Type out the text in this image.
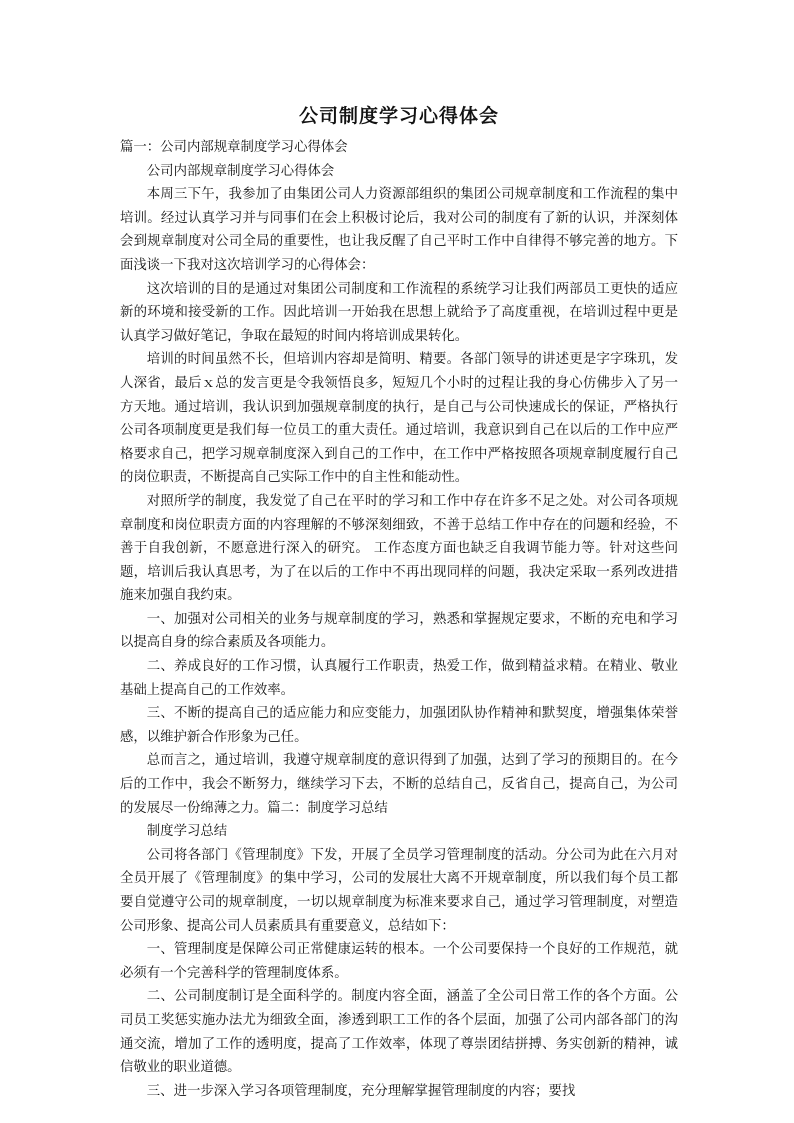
公司制度学习心得体会

篇一：公司内部规章制度学习心得体会

公司内部规章制度学习心得体会

本周三下午，我参加了由集团公司人力资源部组织的集团公司规章制度和工作流程的集中培训。经过认真学习并与同事们在会上积极讨论后，我对公司的制度有了新的认识，并深刻体会到规章制度对公司全局的重要性，也让我反醒了自己平时工作中自律得不够完善的地方。下面浅谈一下我对这次培训学习的心得体会：

这次培训的目的是通过对集团公司制度和工作流程的系统学习让我们两部员工更快的适应新的环境和接受新的工作。因此培训一开始我在思想上就给予了高度重视，在培训过程中更是认真学习做好笔记，争取在最短的时间内将培训成果转化。

培训的时间虽然不长，但培训内容却是简明、精要。各部门领导的讲述更是字字珠玑，发人深省，最后ｘ总的发言更是令我领悟良多，短短几个小时的过程让我的身心仿佛步入了另一方天地。通过培训，我认识到加强规章制度的执行，是自己与公司快速成长的保证，严格执行公司各项制度更是我们每一位员工的重大责任。通过培训，我意识到自己在以后的工作中应严格要求自己，把学习规章制度深入到自己的工作中，在工作中严格按照各项规章制度履行自己的岗位职责，不断提高自己实际工作中的自主性和能动性。

对照所学的制度，我发觉了自己在平时的学习和工作中存在许多不足之处。对公司各项规章制度和岗位职责方面的内容理解的不够深刻细致，不善于总结工作中存在的问题和经验，不善于自我创新，不愿意进行深入的研究。 工作态度方面也缺乏自我调节能力等。针对这些问题，培训后我认真思考，为了在以后的工作中不再出现同样的问题，我决定采取一系列改进措施来加强自我约束。

一、加强对公司相关的业务与规章制度的学习，熟悉和掌握规定要求，不断的充电和学习以提高自身的综合素质及各项能力。

二、养成良好的工作习惯，认真履行工作职责，热爱工作，做到精益求精。在精业、敬业基础上提高自己的工作效率。

三、不断的提高自己的适应能力和应变能力，加强团队协作精神和默契度，增强集体荣誉感，以维护新合作形象为己任。

总而言之，通过培训，我遵守规章制度的意识得到了加强，达到了学习的预期目的。在今后的工作中，我会不断努力，继续学习下去，不断的总结自己，反省自己，提高自己，为公司的发展尽一份绵薄之力。篇二：制度学习总结

制度学习总结

公司将各部门《管理制度》下发，开展了全员学习管理制度的活动。分公司为此在六月对全员开展了《管理制度》的集中学习，公司的发展壮大离不开规章制度，所以我们每个员工都要自觉遵守公司的规章制度，一切以规章制度为标准来要求自己，通过学习管理制度，对塑造公司形象、提高公司人员素质具有重要意义，总结如下：

一、管理制度是保障公司正常健康运转的根本。一个公司要保持一个良好的工作规范，就必须有一个完善科学的管理制度体系。

二、公司制度制订是全面科学的。制度内容全面，涵盖了全公司日常工作的各个方面。公司员工奖惩实施办法尤为细致全面，渗透到职工工作的各个层面，加强了公司内部各部门的沟通交流，增加了工作的透明度，提高了工作效率，体现了尊崇团结拼搏、务实创新的精神，诚信敬业的职业道德。

三、进一步深入学习各项管理制度，充分理解掌握管理制度的内容；要找
